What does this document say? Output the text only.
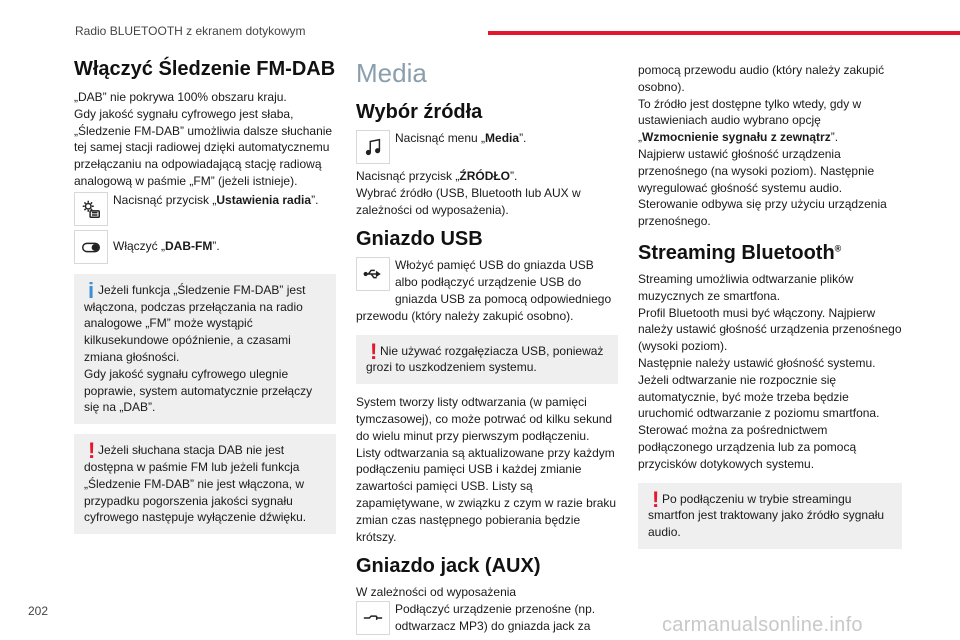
Radio BLUETOOTH z ekranem dotykowym
Włączyć Śledzenie FM-DAB

„DAB” nie pokrywa 100% obszaru kraju.
Gdy jakość sygnału cyfrowego jest słaba, „Śledzenie FM-DAB” umożliwia dalsze słuchanie tej samej stacji radiowej dzięki automatycznemu przełączaniu na odpowiadającą stację radiową analogową w paśmie „FM” (jeżeli istnieje).

Nacisnąć przycisk „Ustawienia radia”.

Włączyć „DAB-FM”.

i Jeżeli funkcja „Śledzenie FM-DAB” jest włączona, podczas przełączania na radio analogowe „FM” może wystąpić kilkusekundowe opóźnienie, a czasami zmiana głośności.
Gdy jakość sygnału cyfrowego ulegnie poprawie, system automatycznie przełączy się na „DAB”.

! Jeżeli słuchana stacja DAB nie jest dostępna w paśmie FM lub jeżeli funkcja „Śledzenie FM-DAB” nie jest włączona, w przypadku pogorszenia jakości sygnału cyfrowego następuje wyłączenie dźwięku.

Media
Wybór źródła

Nacisnąć menu „Media”.

Nacisnąć przycisk „ŹRÓDŁO”.
Wybrać źródło (USB, Bluetooth lub AUX w zależności od wyposażenia).

Gniazdo USB

Włożyć pamięć USB do gniazda USB albo podłączyć urządzenie USB do gniazda USB za pomocą odpowiedniego przewodu (który należy zakupić osobno).

! Nie używać rozgałęziacza USB, ponieważ grozi to uszkodzeniem systemu.

System tworzy listy odtwarzania (w pamięci tymczasowej), co może potrwać od kilku sekund do wielu minut przy pierwszym podłączeniu.
Listy odtwarzania są aktualizowane przy każdym podłączeniu pamięci USB i każdej zmianie zawartości pamięci USB. Listy są zapamiętywane, w związku z czym w razie braku zmian czas następnego pobierania będzie krótszy.

Gniazdo jack (AUX)

W zależności od wyposażenia

Podłączyć urządzenie przenośne (np. odtwarzacz MP3) do gniazda jack za

pomocą przewodu audio (który należy zakupić osobno).
To źródło jest dostępne tylko wtedy, gdy w ustawieniach audio wybrano opcję „Wzmocnienie sygnału z zewnątrz”.
Najpierw ustawić głośność urządzenia przenośnego (na wysoki poziom). Następnie wyregulować głośność systemu audio.
Sterowanie odbywa się przy użyciu urządzenia przenośnego.

Streaming Bluetooth®

Streaming umożliwia odtwarzanie plików muzycznych ze smartfona.
Profil Bluetooth musi być włączony. Najpierw należy ustawić głośność urządzenia przenośnego (wysoki poziom).
Następnie należy ustawić głośność systemu. Jeżeli odtwarzanie nie rozpocznie się automatycznie, być może trzeba będzie uruchomić odtwarzanie z poziomu smartfona.
Sterować można za pośrednictwem podłączonego urządzenia lub za pomocą przycisków dotykowych systemu.

! Po podłączeniu w trybie streamingu smartfon jest traktowany jako źródło sygnału audio.

202
carmanualsonline.info
